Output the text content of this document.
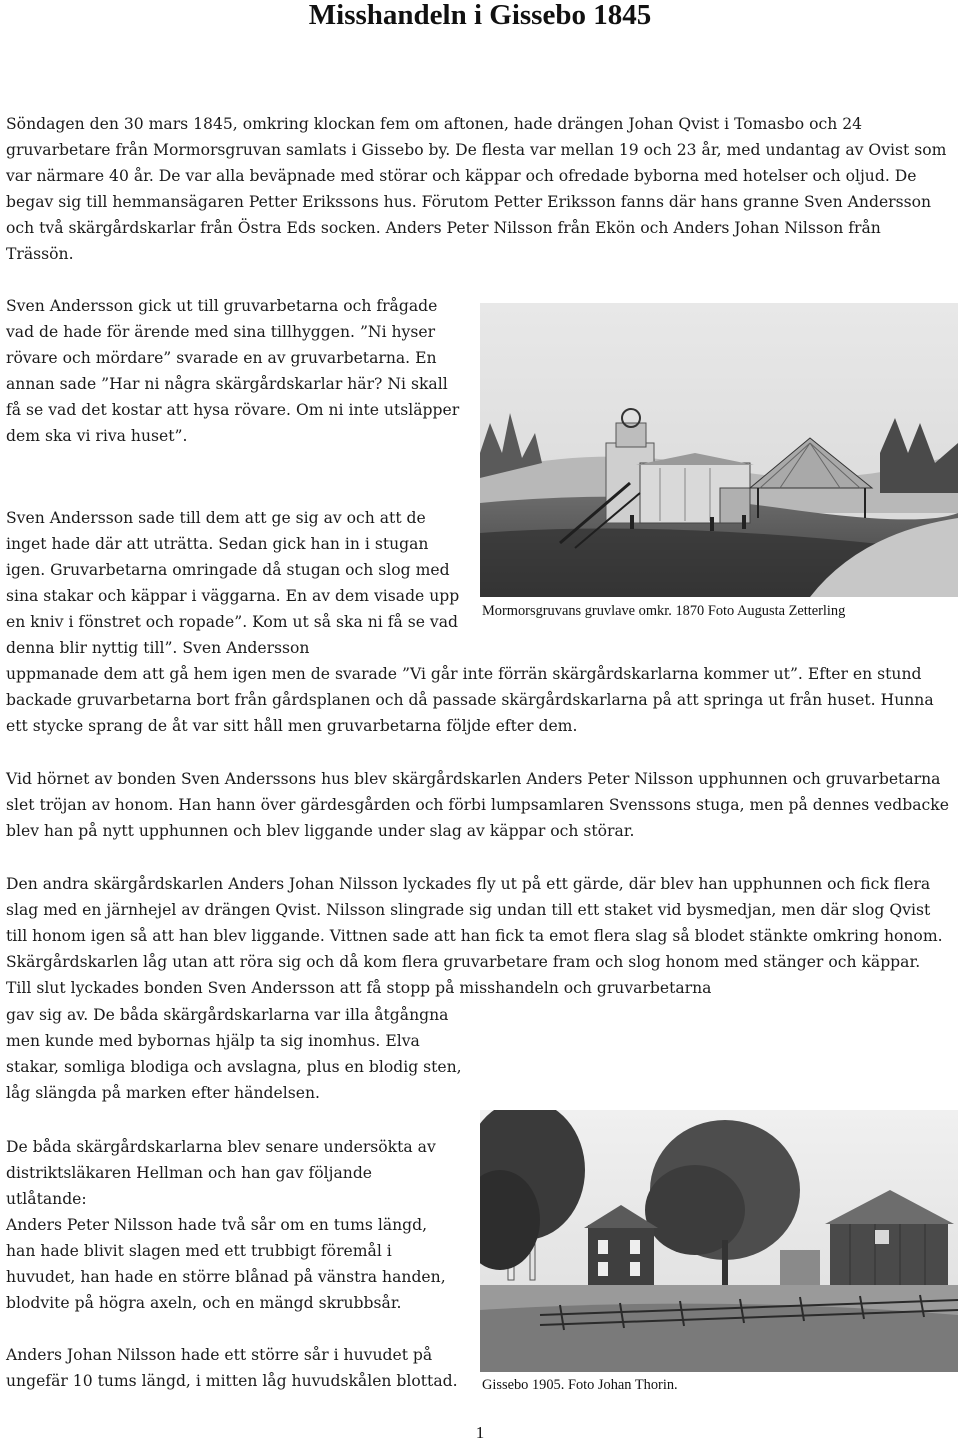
Misshandeln i Gissebo 1845

Söndagen den 30 mars 1845, omkring klockan fem om aftonen, hade drängen Johan Qvist i Tomasbo och 24 gruvarbetare från Mormorsgruvan samlats i Gissebo by. De flesta var mellan 19 och 23 år, med undantag av Ovist som var närmare 40 år. De var alla beväpnade med störar och käppar och ofredade byborna med hotelser och oljud. De begav sig till hemmansägaren Petter Erikssons hus. Förutom Petter Eriksson fanns där hans granne Sven Andersson och två skärgårdskarlar från Östra Eds socken. Anders Peter Nilsson från Ekön och Anders Johan Nilsson från Trässön.

Sven Andersson gick ut till gruvarbetarna och frågade vad de hade för ärende med sina tillhyggen. ”Ni hyser rövare och mördare” svarade en av gruvarbetarna. En annan sade ”Har ni några skärgårdskarlar här? Ni skall få se vad det kostar att hysa rövare. Om ni inte utsläpper dem ska vi riva huset”.

Sven Andersson sade till dem att ge sig av och att de inget hade där att uträtta. Sedan gick han in i stugan igen. Gruvarbetarna omringade då stugan och slog med sina stakar och käppar i väggarna. En av dem visade upp en kniv i fönstret och ropade”. Kom ut så ska ni få se vad denna blir nyttig till”. Sven Andersson

uppmanade dem att gå hem igen men de svarade ”Vi går inte förrän skärgårdskarlarna kommer ut”. Efter en stund backade gruvarbetarna bort från gårdsplanen och då passade skärgårdskarlarna på att springa ut från huset. Hunna ett stycke sprang de åt var sitt håll men gruvarbetarna följde efter dem.

Vid hörnet av bonden Sven Anderssons hus blev skärgårdskarlen Anders Peter Nilsson upphunnen och gruvarbetarna slet tröjan av honom. Han hann över gärdesgården och förbi lumpsamlaren Svenssons stuga, men på dennes vedbacke blev han på nytt upphunnen och blev liggande under slag av käppar och störar.

Den andra skärgårdskarlen Anders Johan Nilsson lyckades fly ut på ett gärde, där blev han upphunnen och fick flera slag med en järnhejel av drängen Qvist. Nilsson slingrade sig undan till ett staket vid bysmedjan, men där slog Qvist till honom igen så att han blev liggande. Vittnen sade att han fick ta emot flera slag så blodet stänkte omkring honom. Skärgårdskarlen låg utan att röra sig och då kom flera gruvarbetare fram och slog honom med stänger och käppar. Till slut lyckades bonden Sven Andersson att få stopp på misshandeln och gruvarbetarna

gav sig av. De båda skärgårdskarlarna var illa åtgångna men kunde med bybornas hjälp ta sig inomhus. Elva stakar, somliga blodiga och avslagna, plus en blodig sten, låg slängda på marken efter händelsen.

De båda skärgårdskarlarna blev senare undersökta av distriktsläkaren Hellman och han gav följande utlåtande:

Anders Peter Nilsson hade två sår om en tums längd, han hade blivit slagen med ett trubbigt föremål i huvudet, han hade en större blånad på vänstra handen, blodvite på högra axeln, och en mängd skrubbsår.

Anders Johan Nilsson hade ett större sår i huvudet på ungefär 10 tums längd, i mitten låg huvudskålen blottad.

Mormorsgruvans gruvlave omkr. 1870 Foto Augusta Zetterling
Gissebo 1905. Foto Johan Thorin.
1
